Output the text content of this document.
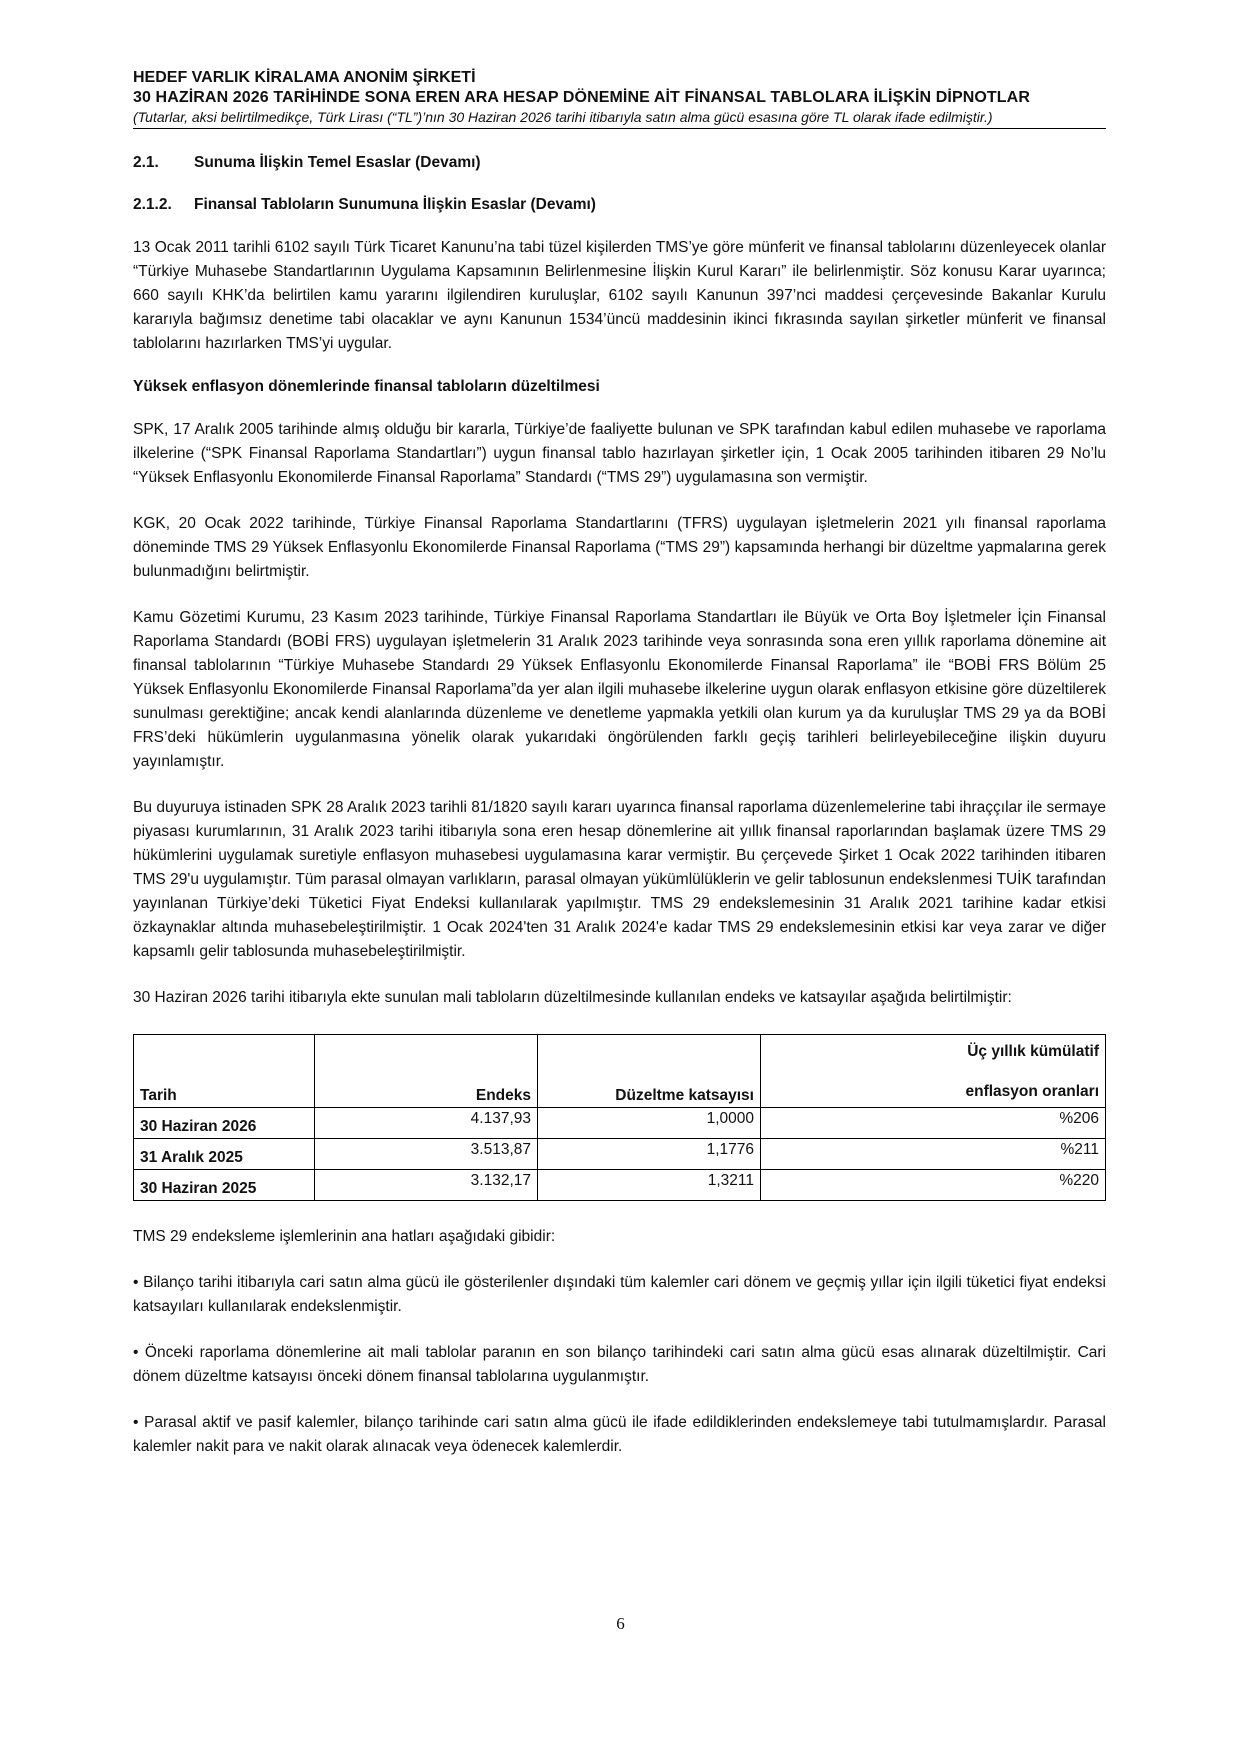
HEDEF VARLIK KİRALAMA ANONİM ŞİRKETİ
30 HAZİRAN 2026 TARİHİNDE SONA EREN ARA HESAP DÖNEMİNE AİT FİNANSAL TABLOLARA İLİŞKİN DİPNOTLAR
(Tutarlar, aksi belirtilmedikçe, Türk Lirası (“TL”)’nın 30 Haziran 2026 tarihi itibarıyla satın alma gücü esasına göre TL olarak ifade edilmiştir.)
2.1.	Sunuma İlişkin Temel Esaslar (Devamı)
2.1.2.	Finansal Tabloların Sunumuna İlişkin Esaslar (Devamı)

13 Ocak 2011 tarihli 6102 sayılı Türk Ticaret Kanunu’na tabi tüzel kişilerden TMS’ye göre münferit ve finansal tablolarını düzenleyecek olanlar “Türkiye Muhasebe Standartlarının Uygulama Kapsamının Belirlenmesine İlişkin Kurul Kararı” ile belirlenmiştir. Söz konusu Karar uyarınca; 660 sayılı KHK’da belirtilen kamu yararını ilgilendiren kuruluşlar, 6102 sayılı Kanunun 397’nci maddesi çerçevesinde Bakanlar Kurulu kararıyla bağımsız denetime tabi olacaklar ve aynı Kanunun 1534’üncü maddesinin ikinci fıkrasında sayılan şirketler münferit ve finansal tablolarını hazırlarken TMS’yi uygular.

Yüksek enflasyon dönemlerinde finansal tabloların düzeltilmesi

SPK, 17 Aralık 2005 tarihinde almış olduğu bir kararla, Türkiye’de faaliyette bulunan ve SPK tarafından kabul edilen muhasebe ve raporlama ilkelerine (“SPK Finansal Raporlama Standartları”) uygun finansal tablo hazırlayan şirketler için, 1 Ocak 2005 tarihinden itibaren 29 No’lu “Yüksek Enflasyonlu Ekonomilerde Finansal Raporlama” Standardı (“TMS 29”) uygulamasına son vermiştir.

KGK, 20 Ocak 2022 tarihinde, Türkiye Finansal Raporlama Standartlarını (TFRS) uygulayan işletmelerin 2021 yılı finansal raporlama döneminde TMS 29 Yüksek Enflasyonlu Ekonomilerde Finansal Raporlama (“TMS 29”) kapsamında herhangi bir düzeltme yapmalarına gerek bulunmadığını belirtmiştir.

Kamu Gözetimi Kurumu, 23 Kasım 2023 tarihinde, Türkiye Finansal Raporlama Standartları ile Büyük ve Orta Boy İşletmeler İçin Finansal Raporlama Standardı (BOBİ FRS) uygulayan işletmelerin 31 Aralık 2023 tarihinde veya sonrasında sona eren yıllık raporlama dönemine ait finansal tablolarının “Türkiye Muhasebe Standardı 29 Yüksek Enflasyonlu Ekonomilerde Finansal Raporlama” ile “BOBİ FRS Bölüm 25 Yüksek Enflasyonlu Ekonomilerde Finansal Raporlama”da yer alan ilgili muhasebe ilkelerine uygun olarak enflasyon etkisine göre düzeltilerek sunulması gerektiğine; ancak kendi alanlarında düzenleme ve denetleme yapmakla yetkili olan kurum ya da kuruluşlar TMS 29 ya da BOBİ FRS’deki hükümlerin uygulanmasına yönelik olarak yukarıdaki öngörülenden farklı geçiş tarihleri belirleyebileceğine ilişkin duyuru yayınlamıştır.

Bu duyuruya istinaden SPK 28 Aralık 2023 tarihli 81/1820 sayılı kararı uyarınca finansal raporlama düzenlemelerine tabi ihraççılar ile sermaye piyasası kurumlarının, 31 Aralık 2023 tarihi itibarıyla sona eren hesap dönemlerine ait yıllık finansal raporlarından başlamak üzere TMS 29 hükümlerini uygulamak suretiyle enflasyon muhasebesi uygulamasına karar vermiştir. Bu çerçevede Şirket 1 Ocak 2022 tarihinden itibaren TMS 29'u uygulamıştır. Tüm parasal olmayan varlıkların, parasal olmayan yükümlülüklerin ve gelir tablosunun endekslenmesi TUİK tarafından yayınlanan Türkiye’deki Tüketici Fiyat Endeksi kullanılarak yapılmıştır. TMS 29 endekslemesinin 31 Aralık 2021 tarihine kadar etkisi özkaynaklar altında muhasebeleştirilmiştir. 1 Ocak 2024'ten 31 Aralık 2024'e kadar TMS 29 endekslemesinin etkisi kar veya zarar ve diğer kapsamlı gelir tablosunda muhasebeleştirilmiştir.

30 Haziran 2026 tarihi itibarıyla ekte sunulan mali tabloların düzeltilmesinde kullanılan endeks ve katsayılar aşağıda belirtilmiştir:

Tarih	Endeks	Düzeltme katsayısı	Üç yıllık kümülatif
enflasyon oranları

30 Haziran 2026	4.137,93	1,0000	%206
31 Aralık 2025	3.513,87	1,1776	%211
30 Haziran 2025	3.132,17	1,3211	%220

TMS 29 endeksleme işlemlerinin ana hatları aşağıdaki gibidir:

• Bilanço tarihi itibarıyla cari satın alma gücü ile gösterilenler dışındaki tüm kalemler cari dönem ve geçmiş yıllar için ilgili tüketici fiyat endeksi katsayıları kullanılarak endekslenmiştir.

• Önceki raporlama dönemlerine ait mali tablolar paranın en son bilanço tarihindeki cari satın alma gücü esas alınarak düzeltilmiştir. Cari dönem düzeltme katsayısı önceki dönem finansal tablolarına uygulanmıştır.

• Parasal aktif ve pasif kalemler, bilanço tarihinde cari satın alma gücü ile ifade edildiklerinden endekslemeye tabi tutulmamışlardır. Parasal kalemler nakit para ve nakit olarak alınacak veya ödenecek kalemlerdir.

6
